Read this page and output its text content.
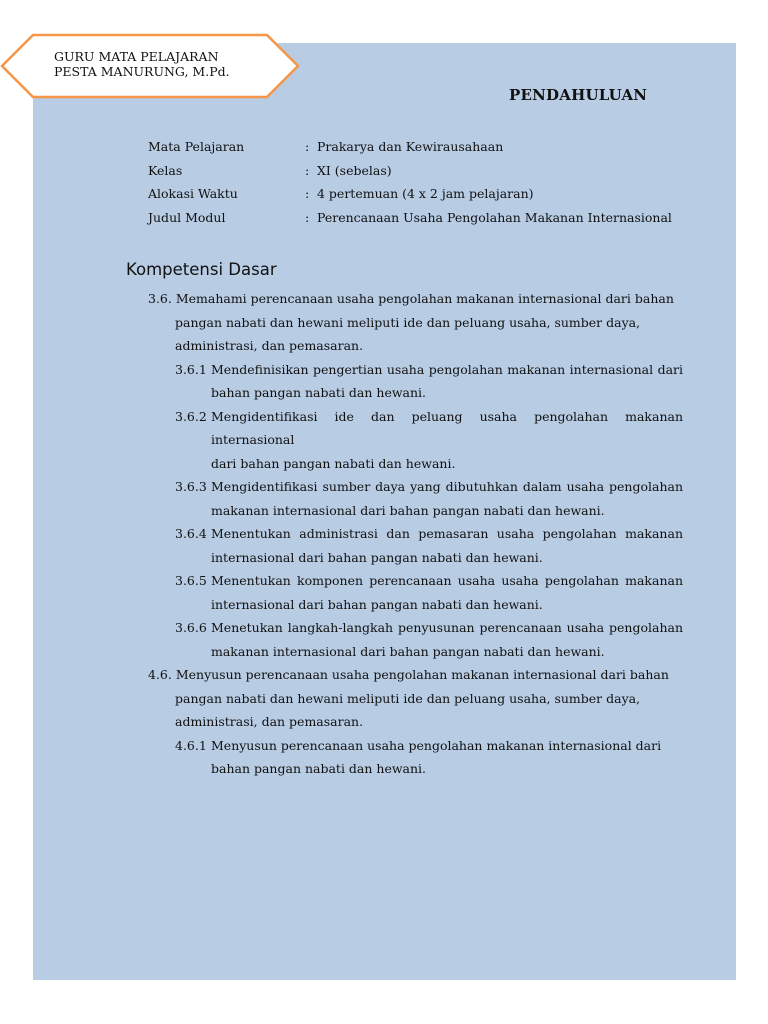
GURU MATA PELAJARAN
PESTA MANURUNG, M.Pd.
PENDAHULUAN
Mata Pelajaran	: Prakarya dan Kewirausahaan
Kelas	: XI (sebelas)
Alokasi Waktu	: 4 pertemuan (4 x 2 jam pelajaran)
Judul Modul	: Perencanaan Usaha Pengolahan Makanan Internasional
Kompetensi Dasar
3.6. Memahami perencanaan usaha pengolahan makanan internasional dari bahan
pangan nabati dan hewani meliputi ide dan peluang usaha, sumber daya,
administrasi, dan pemasaran.
3.6.1 Mendefinisikan pengertian usaha pengolahan makanan internasional dari
bahan pangan nabati dan hewani.
3.6.2 Mengidentifikasi ide dan peluang usaha pengolahan makanan internasional
dari bahan pangan nabati dan hewani.
3.6.3 Mengidentifikasi sumber daya yang dibutuhkan dalam usaha pengolahan
makanan internasional dari bahan pangan nabati dan hewani.
3.6.4 Menentukan administrasi dan pemasaran usaha pengolahan makanan
internasional dari bahan pangan nabati dan hewani.
3.6.5 Menentukan komponen perencanaan usaha usaha pengolahan makanan
internasional dari bahan pangan nabati dan hewani.
3.6.6 Menetukan langkah-langkah penyusunan perencanaan usaha pengolahan
makanan internasional dari bahan pangan nabati dan hewani.
4.6. Menyusun perencanaan usaha pengolahan makanan internasional dari bahan
pangan nabati dan hewani meliputi ide dan peluang usaha, sumber daya,
administrasi, dan pemasaran.
4.6.1 Menyusun perencanaan usaha pengolahan makanan internasional dari
bahan pangan nabati dan hewani.
